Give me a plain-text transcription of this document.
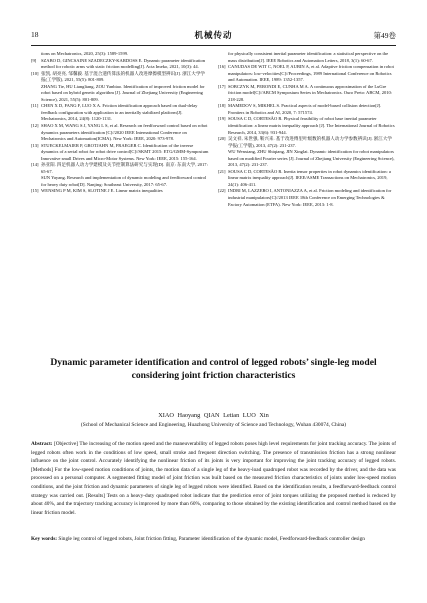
18	机械传动	第49卷

tions on Mechatronics, 2020, 25(3): 1589-1599.

[9] SZABO D, GINCSAINE SZADECZKY-KARDOSS E. Dynamic parameter identification method for robotic arms with static friction modelling[J]. Acta Imeko, 2021, 10(3): 44.

[10] 张凯, 胡亮亮, 邹馨毅. 基于混合遗传算法的机器人改进摩擦模型辨识[J]. 浙江大学学报(工学版), 2021, 55(5): 801-809.

ZHANG Tie, HU Liangliang, ZOU Yanbiao. Identification of improved friction model for robot based on hybrid genetic algorithm [J]. Journal of Zhejiang University (Engineering Science), 2021, 55(5): 801-809.

[11] CHEN X D, FANG F, LUO X A. Friction identification approach based on dual-delay feedback configuration with application to an inertially stabilized platform[J]. Mechatronics, 2014, 24(8): 1120-1131.

[12] SHAO X M, WANG S J, YANG L S, et al. Research on feedforward control based on robot dynamics parameters identification [C]//2020 IEEE International Conference on Mechatronics and Automation(ICMA). New York: IEEE, 2020: 973-978.

[13] STUECKELMAIER P, GROTJAHN M, FRAEGER C. Identification of the inverse dynamics of a serial robot for robot drive control[C]//SKMT 2015: ETG/GMM-Symposium Innovative small Drives and Micro-Motor Systems. New York: IEEE, 2015: 155-164.

[14] 孙亚阳. 四足机器人动力学建模及关节控制算法研究与实现[D]. 南京: 东南大学, 2017: 65-67.

SUN Yayang. Research and implementation of dynamic modeling and feedforward control for heavy duty robot[D]. Nanjing: Southeast University, 2017: 65-67.

[15] WENSING P M, KIM S, SLOTINE J E. Linear matrix inequalities

for physically consistent inertial parameter identification: a statistical perspective on the mass distribution[J]. IEEE Robotics and Automation Letters, 2018, 3(1): 60-67.

[16] CANUDAS DE WIT C, NOEL P, AUBIN A, et al. Adaptive friction compensation in robot manipulators: low-velocities[C]//Proceedings, 1989 International Conference on Robotics and Automation. IEEE, 1989: 1352-1357.

[17] SOBCZYK M, PERONDI E, CUNHA M A. A continuous approximation of the LuGre friction model[C]//ABCM Symposium Series in Mechatronics. Ouro Preto: ABCM, 2010: 218-228.

[18] MAMEDOV S, MIKHEL S. Practical aspects of model-based collision detection[J]. Frontiers in Robotics and AI, 2020, 7: 571574.

[19] SOUSA C D, CORTESÃO R. Physical feasibility of robot base inertial parameter identification: a linear matrix inequality approach [J]. The International Journal of Robotics Research, 2014, 33(6): 931-944.

[20] 吴文祥, 朱世强, 靳兴来. 基于改进傅里叶级数的机器人动力学参数辨识[J]. 浙江大学学报(工学版), 2013, 47(2): 231-237.

WU Wenxiang, ZHU Shiqiang, JIN Xinglai. Dynamic identification for robot manipulators based on modified Fourier series [J]. Journal of Zhejiang University (Engineering Science), 2013, 47(2): 231-237.

[21] SOUSA C D, CORTESÃO R. Inertia tensor properties in robot dynamics identification: a linear matrix inequality approach[J]. IEEE/ASME Transactions on Mechatronics, 2019, 24(1): 406-411.

[22] INDRI M, LAZZERO I, ANTONIAZZA A, et al. Friction modeling and identification for industrial manipulators[C]//2013 IEEE 18th Conference on Emerging Technologies & Factory Automation (ETFA). New York: IEEE, 2013: 1-8.

Dynamic parameter identification and control of legged robots’ single-leg model considering joint friction characteristics
XIAO Haoyang QIAN Letian LUO Xin
(School of Mechanical Science and Engineering, Huazhong University of Science and Technology, Wuhan 430074, China)
Abstract: [Objective] The increasing of the motion speed and the maneuverability of legged robots poses high level requirements for joint tracking accuracy. The joints of legged robots often work in the conditions of low speed, small stroke and frequent direction switching. The presence of transmission friction has a strong nonlinear influence on the joint control. Accurately identifying the nonlinear friction of its joints is very important for improving the joint tracking accuracy of legged robots. [Methods] For the low-speed motion conditions of joints, the motion data of a single leg of the heavy-load quadruped robot was recorded by the driver, and the data was processed on a personal computer. A segmented fitting model of joint friction was built based on the measured friction characteristics of joints under low-speed motion conditions, and the joint friction and dynamic parameters of single leg of legged robots were identified. Based on the identification results, a feedforward-feedback control strategy was carried out. [Results] Tests on a heavy-duty quadruped robot indicate that the prediction error of joint torques utilizing the proposed method is reduced by about 40%, and the trajectory tracking accuracy is improved by more than 60%, comparing to those obtained by the existing identification and control method based on the linear friction model.
Key words: Single leg control of legged robots, Joint friction fitting, Parameter identification of the dynamic model, Feedforward-feedback controller design
